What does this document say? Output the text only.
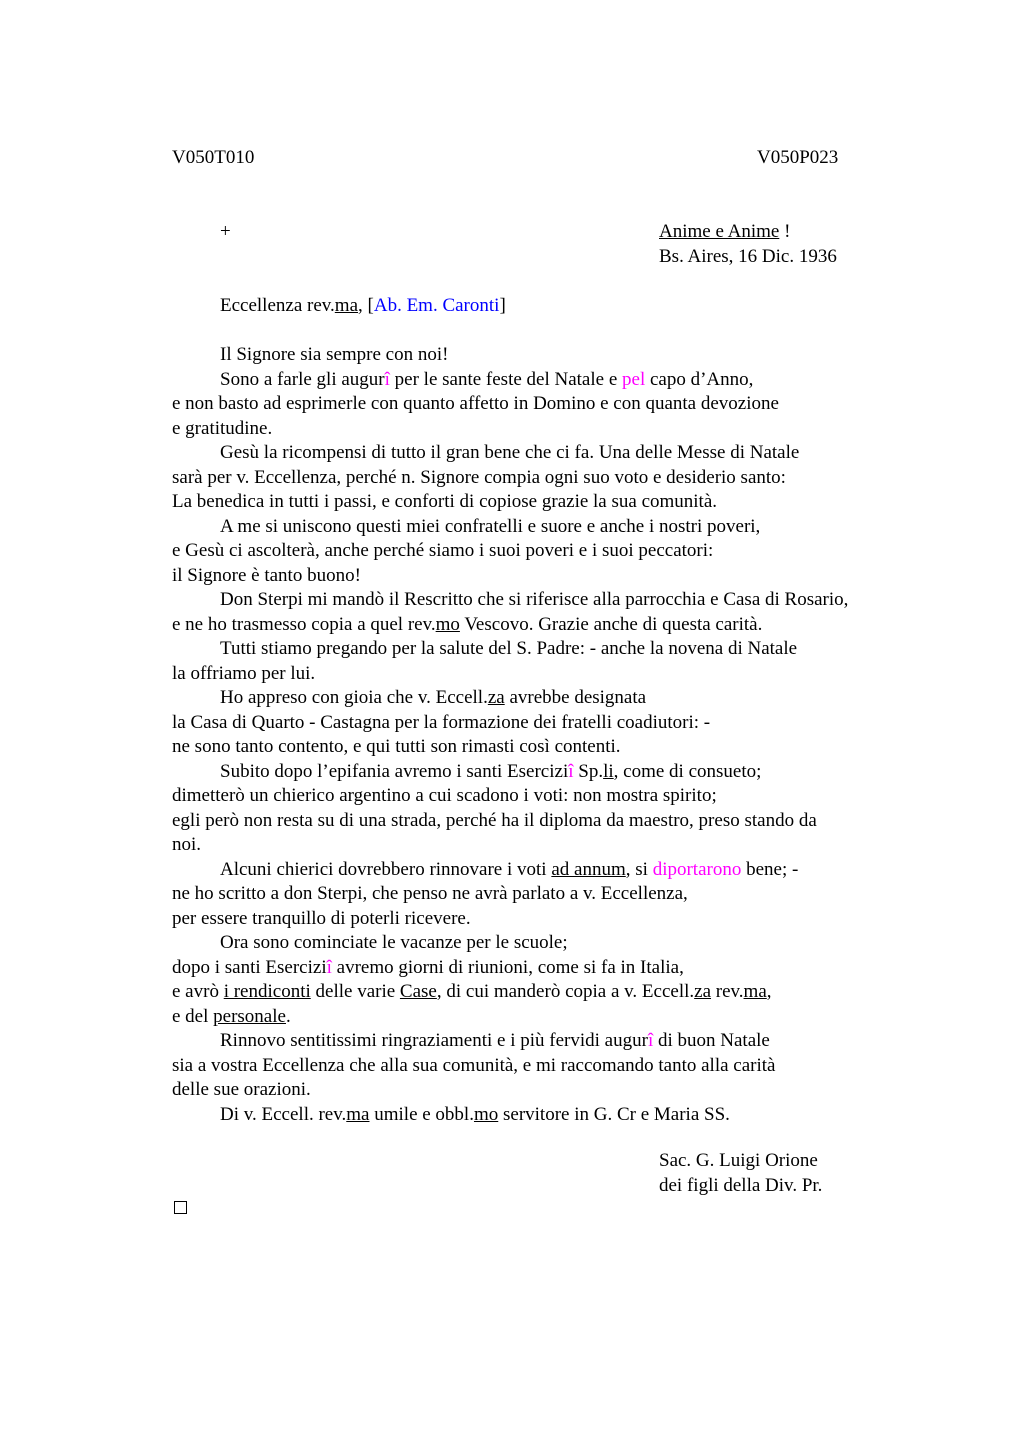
V050T010	V050P023
+	Anime e Anime !
Bs. Aires, 16 Dic. 1936
Eccellenza rev.ma, [Ab. Em. Caronti]
Il Signore sia sempre con noi!
Sono a farle gli augurî per le sante feste del Natale e pel capo d’Anno,
e non basto ad esprimerle con quanto affetto in Domino e con quanta devozione
e gratitudine.
Gesù la ricompensi di tutto il gran bene che ci fa. Una delle Messe di Natale
sarà per v. Eccellenza, perché n. Signore compia ogni suo voto e desiderio santo:
La benedica in tutti i passi, e conforti di copiose grazie la sua comunità.
A me si uniscono questi miei confratelli e suore e anche i nostri poveri,
e Gesù ci ascolterà, anche perché siamo i suoi poveri e i suoi peccatori:
il Signore è tanto buono!
Don Sterpi mi mandò il Rescritto che si riferisce alla parrocchia e Casa di Rosario,
e ne ho trasmesso copia a quel rev.mo Vescovo. Grazie anche di questa carità.
Tutti stiamo pregando per la salute del S. Padre: - anche la novena di Natale
la offriamo per lui.
Ho appreso con gioia che v. Eccell.za avrebbe designata
la Casa di Quarto - Castagna per la formazione dei fratelli coadiutori: -
ne sono tanto contento, e qui tutti son rimasti così contenti.
Subito dopo l’epifania avremo i santi Eserciziî Sp.li, come di consueto;
dimetterò un chierico argentino a cui scadono i voti: non mostra spirito;
egli però non resta su di una strada, perché ha il diploma da maestro, preso stando da
noi.
Alcuni chierici dovrebbero rinnovare i voti ad annum, si diportarono bene; -
ne ho scritto a don Sterpi, che penso ne avrà parlato a v. Eccellenza,
per essere tranquillo di poterli ricevere.
Ora sono cominciate le vacanze per le scuole;
dopo i santi Eserciziî avremo giorni di riunioni, come si fa in Italia,
e avrò i rendiconti delle varie Case, di cui manderò copia a v. Eccell.za rev.ma,
e del personale.
Rinnovo sentitissimi ringraziamenti e i più fervidi augurî di buon Natale
sia a vostra Eccellenza che alla sua comunità, e mi raccomando tanto alla carità
delle sue orazioni.
Di v. Eccell. rev.ma umile e obbl.mo servitore in G. Cr e Maria SS.
Sac. G. Luigi Orione
dei figli della Div. Pr.
